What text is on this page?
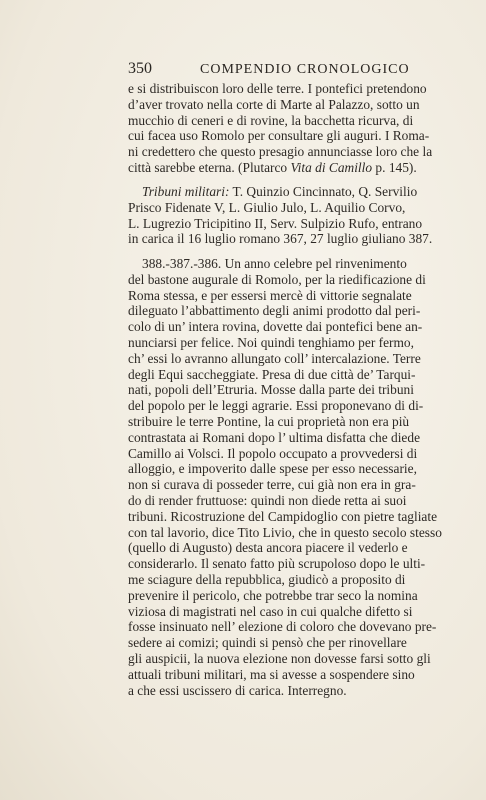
350	COMPENDIO CRONOLOGICO
e si distribuiscon loro delle terre. I pontefici pretendono
d’aver trovato nella corte di Marte al Palazzo, sotto un
mucchio di ceneri e di rovine, la bacchetta ricurva, di
cui facea uso Romolo per consultare gli auguri. I Roma-
ni credettero che questo presagio annunciasse loro che la
città sarebbe eterna. (Plutarco Vita di Camillo p. 145).
Tribuni militari: T. Quinzio Cincinnato, Q. Servilio
Prisco Fidenate V, L. Giulio Julo, L. Aquilio Corvo,
L. Lugrezio Tricipitino II, Serv. Sulpizio Rufo, entrano
in carica il 16 luglio romano 367, 27 luglio giuliano 387.
388.-387.-386. Un anno celebre pel rinvenimento
del bastone augurale di Romolo, per la riedificazione di
Roma stessa, e per essersi mercè di vittorie segnalate
dileguato l’abbattimento degli animi prodotto dal peri-
colo di un’ intera rovina, dovette dai pontefici bene an-
nunciarsi per felice. Noi quindi tenghiamo per fermo,
ch’ essi lo avranno allungato coll’ intercalazione. Terre
degli Equi saccheggiate. Presa di due città de’ Tarqui-
nati, popoli dell’Etruria. Mosse dalla parte dei tribuni
del popolo per le leggi agrarie. Essi proponevano di di-
stribuire le terre Pontine, la cui proprietà non era più
contrastata ai Romani dopo l’ ultima disfatta che diede
Camillo ai Volsci. Il popolo occupato a provvedersi di
alloggio, e impoverito dalle spese per esso necessarie,
non si curava di posseder terre, cui già non era in gra-
do di render fruttuose: quindi non diede retta ai suoi
tribuni. Ricostruzione del Campidoglio con pietre tagliate
con tal lavorio, dice Tito Livio, che in questo secolo stesso
(quello di Augusto) desta ancora piacere il vederlo e
considerarlo. Il senato fatto più scrupoloso dopo le ulti-
me sciagure della repubblica, giudicò a proposito di
prevenire il pericolo, che potrebbe trar seco la nomina
viziosa di magistrati nel caso in cui qualche difetto si
fosse insinuato nell’ elezione di coloro che dovevano pre-
sedere ai comizi; quindi si pensò che per rinovellare
gli auspicii, la nuova elezione non dovesse farsi sotto gli
attuali tribuni militari, ma si avesse a sospendere sino
a che essi uscissero di carica. Interregno.
